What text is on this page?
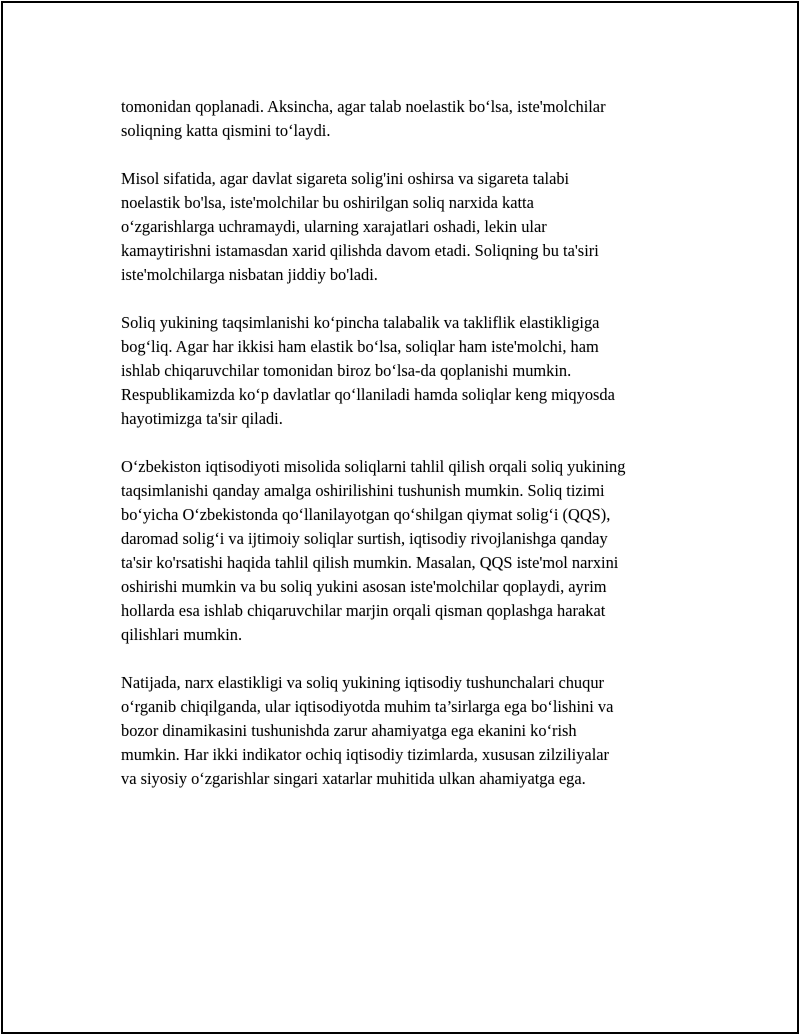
tomonidan qoplanadi. Aksincha, agar talab noelastik bo‘lsa, iste'molchilar
soliqning katta qismini to‘laydi.

Misol sifatida, agar davlat sigareta solig'ini oshirsa va sigareta talabi
noelastik bo'lsa, iste'molchilar bu oshirilgan soliq narxida katta
o‘zgarishlarga uchramaydi, ularning xarajatlari oshadi, lekin ular
kamaytirishni istamasdan xarid qilishda davom etadi. Soliqning bu ta'siri
iste'molchilarga nisbatan jiddiy bo'ladi.

Soliq yukining taqsimlanishi ko‘pincha talabalik va takliflik elastikligiga
bog‘liq. Agar har ikkisi ham elastik bo‘lsa, soliqlar ham iste'molchi, ham
ishlab chiqaruvchilar tomonidan biroz bo‘lsa-da qoplanishi mumkin.
Respublikamizda ko‘p davlatlar qo‘llaniladi hamda soliqlar keng miqyosda
hayotimizga ta'sir qiladi.

O‘zbekiston iqtisodiyoti misolida soliqlarni tahlil qilish orqali soliq yukining
taqsimlanishi qanday amalga oshirilishini tushunish mumkin. Soliq tizimi
bo‘yicha O‘zbekistonda qo‘llanilayotgan qo‘shilgan qiymat solig‘i (QQS),
daromad solig‘i va ijtimoiy soliqlar surtish, iqtisodiy rivojlanishga qanday
ta'sir ko'rsatishi haqida tahlil qilish mumkin. Masalan, QQS iste'mol narxini
oshirishi mumkin va bu soliq yukini asosan iste'molchilar qoplaydi, ayrim
hollarda esa ishlab chiqaruvchilar marjin orqali qisman qoplashga harakat
qilishlari mumkin.

Natijada, narx elastikligi va soliq yukining iqtisodiy tushunchalari chuqur
o‘rganib chiqilganda, ular iqtisodiyotda muhim ta’sirlarga ega bo‘lishini va
bozor dinamikasini tushunishda zarur ahamiyatga ega ekanini ko‘rish
mumkin. Har ikki indikator ochiq iqtisodiy tizimlarda, xususan zilziliyalar
va siyosiy o‘zgarishlar singari xatarlar muhitida ulkan ahamiyatga ega.
